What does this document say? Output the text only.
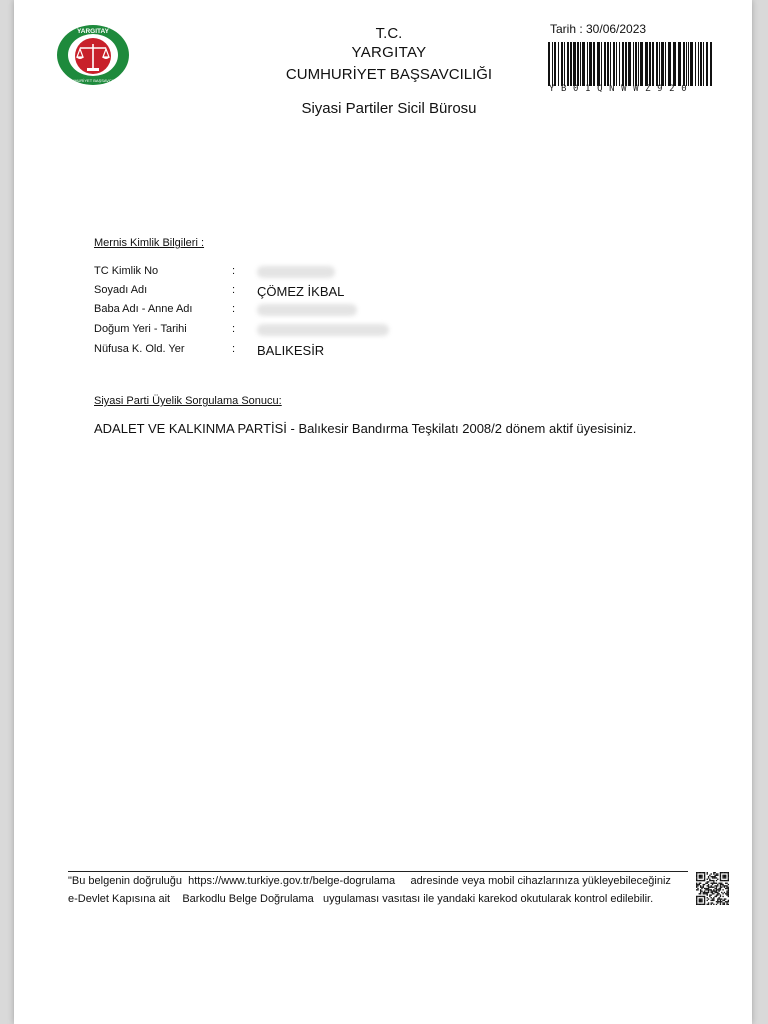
YARGITAY
CUMHURİYET BAŞSAVCILIĞI
T.C.
YARGITAY
CUMHURİYET BAŞSAVCILIĞI
Siyasi Partiler Sicil Bürosu
Tarih : 30/06/2023
YB01QNWWZ920
Mernis Kimlik Bilgileri :
TC Kimlik No	:
Soyadı Adı	: ÇÖMEZ İKBAL
Baba Adı - Anne Adı	:
Doğum Yeri - Tarihi	:
Nüfusa K. Old. Yer	: BALIKESİR
Siyasi Parti Üyelik Sorgulama Sonucu:
ADALET VE KALKINMA PARTİSİ - Balıkesir Bandırma Teşkilatı 2008/2 dönem aktif üyesisiniz.
"Bu belgenin doğruluğu  https://www.turkiye.gov.tr/belge-dogrulama     adresinde veya mobil cihazlarınıza yükleyebileceğiniz
e-Devlet Kapısına ait    Barkodlu Belge Doğrulama   uygulaması vasıtası ile yandaki karekod okutularak kontrol edilebilir.
